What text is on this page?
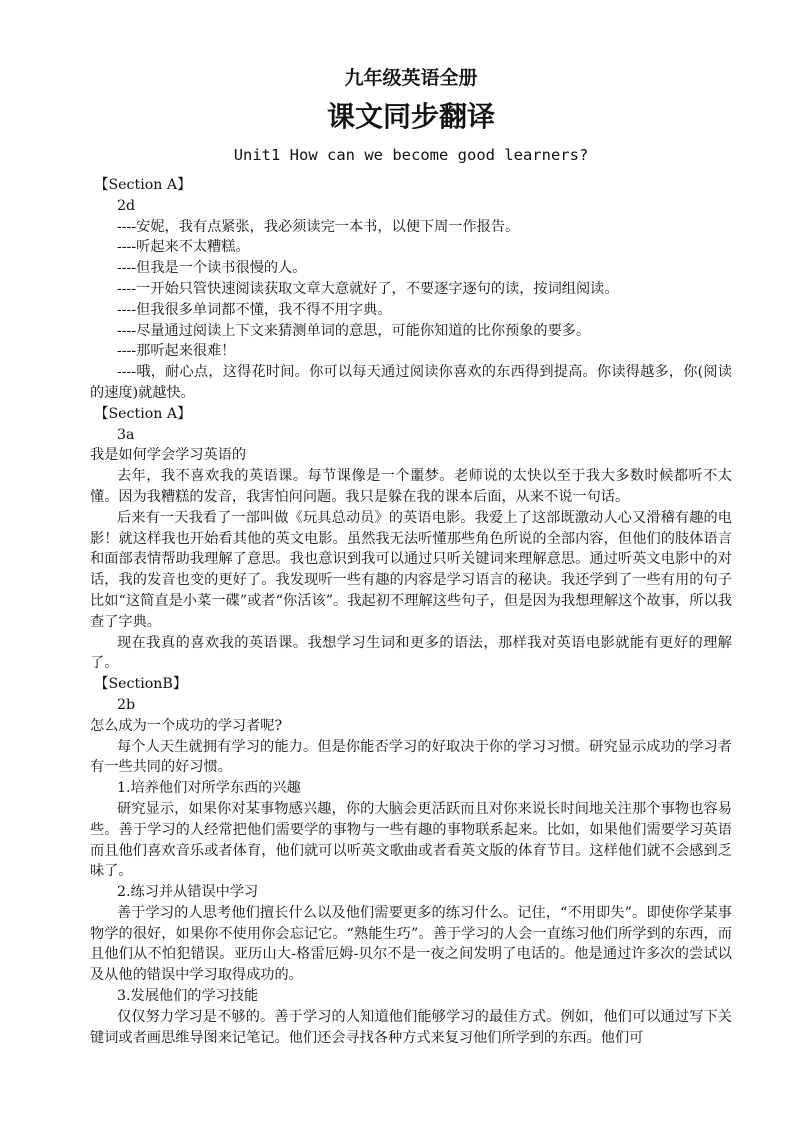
九年级英语全册
课文同步翻译
Unit1 How can we become good learners?

【Section A】

2d

----安妮，我有点紧张，我必须读完一本书，以便下周一作报告。

----听起来不太糟糕。

----但我是一个读书很慢的人。

----一开始只管快速阅读获取文章大意就好了，不要逐字逐句的读，按词组阅读。

----但我很多单词都不懂，我不得不用字典。

----尽量通过阅读上下文来猜测单词的意思，可能你知道的比你预象的要多。

----那听起来很难！

----哦，耐心点，这得花时间。你可以每天通过阅读你喜欢的东西得到提高。你读得越多，你(阅读的速度)就越快。

【Section A】

3a

我是如何学会学习英语的

去年，我不喜欢我的英语课。每节课像是一个噩梦。老师说的太快以至于我大多数时候都听不太懂。因为我糟糕的发音，我害怕问问题。我只是躲在我的课本后面，从来不说一句话。

后来有一天我看了一部叫做《玩具总动员》的英语电影。我爱上了这部既激动人心又滑稽有趣的电影！就这样我也开始看其他的英文电影。虽然我无法听懂那些角色所说的全部内容，但他们的肢体语言和面部表情帮助我理解了意思。我也意识到我可以通过只听关键词来理解意思。通过听英文电影中的对话，我的发音也变的更好了。我发现听一些有趣的内容是学习语言的秘诀。我还学到了一些有用的句子比如“这简直是小菜一碟”或者“你活该”。我起初不理解这些句子，但是因为我想理解这个故事，所以我查了字典。

现在我真的喜欢我的英语课。我想学习生词和更多的语法，那样我对英语电影就能有更好的理解了。

【SectionB】

2b

怎么成为一个成功的学习者呢?

每个人天生就拥有学习的能力。但是你能否学习的好取决于你的学习习惯。研究显示成功的学习者有一些共同的好习惯。

1.培养他们对所学东西的兴趣

研究显示，如果你对某事物感兴趣，你的大脑会更活跃而且对你来说长时间地关注那个事物也容易些。善于学习的人经常把他们需要学的事物与一些有趣的事物联系起来。比如，如果他们需要学习英语而且他们喜欢音乐或者体育，他们就可以听英文歌曲或者看英文版的体育节目。这样他们就不会感到乏味了。

2.练习并从错误中学习

善于学习的人思考他们擅长什么以及他们需要更多的练习什么。记住，“不用即失”。即使你学某事物学的很好，如果你不使用你会忘记它。“熟能生巧”。善于学习的人会一直练习他们所学到的东西，而且他们从不怕犯错误。亚历山大-格雷厄姆-贝尔不是一夜之间发明了电话的。他是通过许多次的尝试以及从他的错误中学习取得成功的。

3.发展他们的学习技能

仅仅努力学习是不够的。善于学习的人知道他们能够学习的最佳方式。例如，他们可以通过写下关键词或者画思维导图来记笔记。他们还会寻找各种方式来复习他们所学到的东西。他们可
